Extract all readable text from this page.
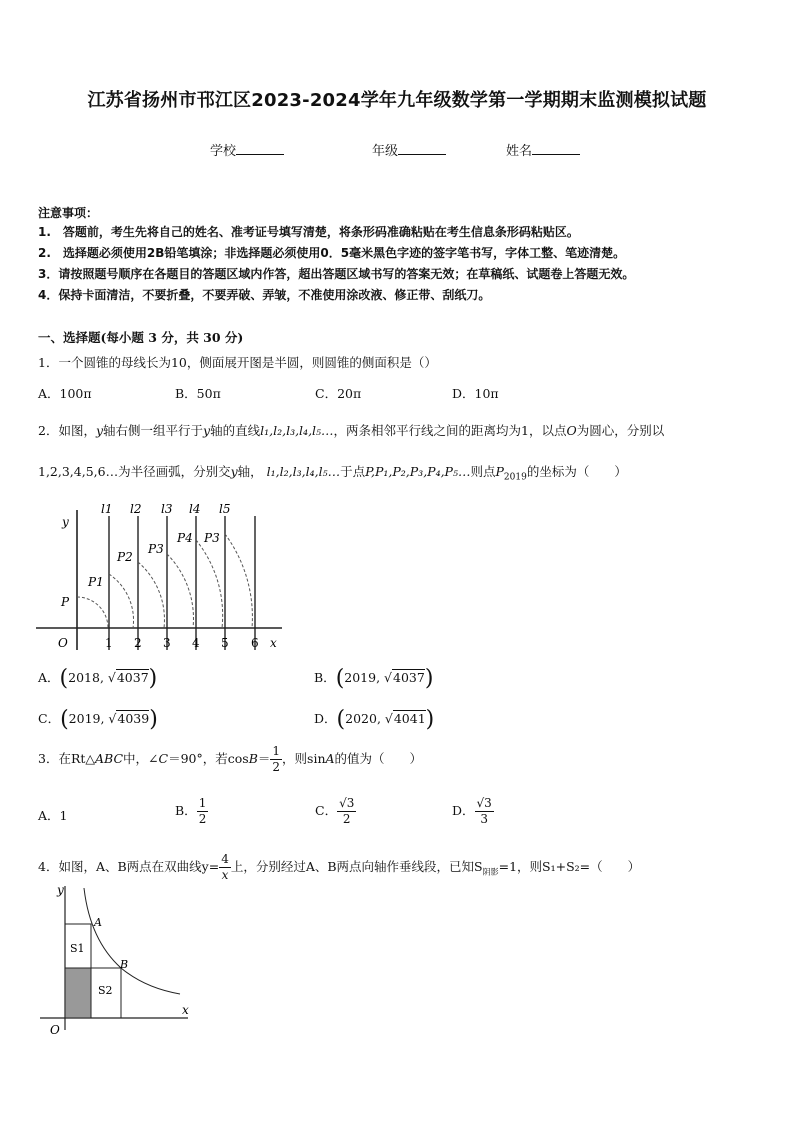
江苏省扬州市邗江区2023-2024学年九年级数学第一学期期末监测模拟试题
学校	年级	姓名
注意事项：
1.　答题前，考生先将自己的姓名、准考证号填写清楚，将条形码准确粘贴在考生信息条形码粘贴区。
2.　选择题必须使用2B铅笔填涂；非选择题必须使用0．5毫米黑色字迹的签字笔书写，字体工整、笔迹清楚。
3．请按照题号顺序在各题目的答题区域内作答，超出答题区域书写的答案无效；在草稿纸、试题卷上答题无效。
4．保持卡面清洁，不要折叠，不要弄破、弄皱，不准使用涂改液、修正带、刮纸刀。
一、选择题(每小题 3 分，共 30 分)
1．一个圆锥的母线长为10，侧面展开图是半圆，则圆锥的侧面积是（）
A．100π	B．50π	C．20π	D．10π
2．如图，y轴右侧一组平行于y轴的直线l₁,l₂,l₃,l₄,l₅…，两条相邻平行线之间的距离均为1，以点O为圆心，分别以
1,2,3,4,5,6…为半径画弧，分别交y轴， l₁,l₂,l₃,l₄,l₅…于点P,P₁,P₂,P₃,P₄,P₅…则点$P_{2019}$的坐标为（　　）
y
l1 l2 l3 l4 l5
P
P1
P2
P3
P4 P3
O	1 2 3 4 5 6 x
A．(2018, √4037)	B．(2019, √4037)
C．(2019, √4039)	D．(2020, √4041)
3．在Rt△ABC中，∠C＝90°，若$\cos B= \frac{1}{2}$ ，则sinA的值为（　　）
A．1	B． $\frac{1}{2}$	C． $\frac{√3}{2}$	D． $\frac{√3}{3}$
4．如图，A、B两点在双曲线$y= \frac{4}{x}$ 上，分别经过A、B两点向轴作垂线段，已知$S_{阴影}=1$，则S₁+S₂=（　　）
y
A
B
S1
S2
O
x
